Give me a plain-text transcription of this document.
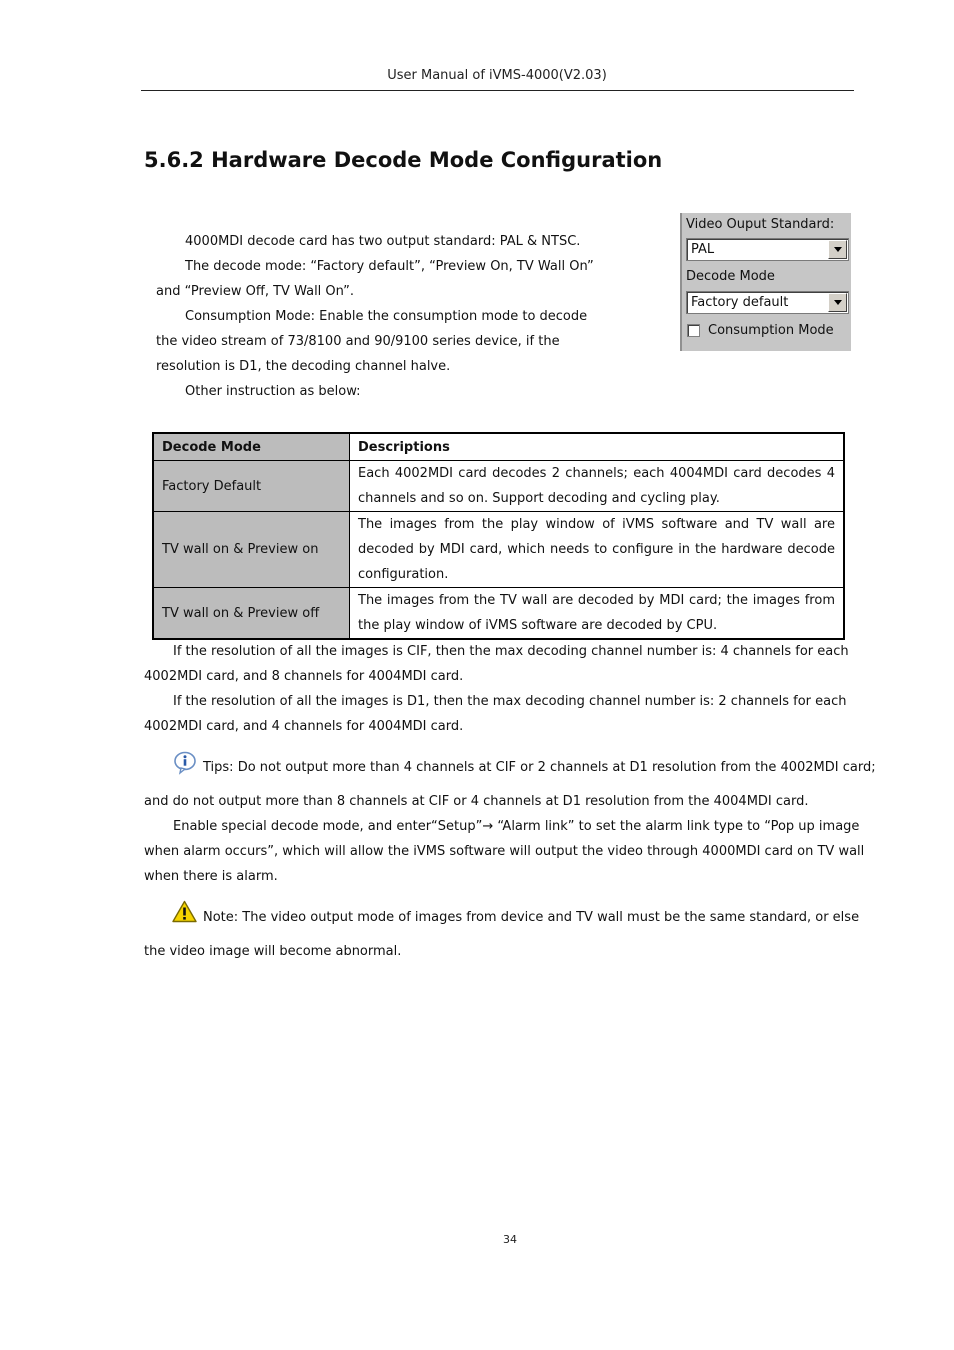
User Manual of iVMS-4000(V2.03)
5.6.2 Hardware Decode Mode Configuration
4000MDI decode card has two output standard: PAL & NTSC.
The decode mode: “Factory default”, “Preview On, TV Wall On”
and “Preview Off, TV Wall On”.
Consumption Mode: Enable the consumption mode to decode
the video stream of 73/8100 and 90/9100 series device, if the
resolution is D1, the decoding channel halve.
Other instruction as below:
Video Ouput Standard:
PAL
Decode Mode
Factory default
Consumption Mode
Decode Mode	Descriptions
Factory Default	Each 4002MDI card decodes 2 channels; each 4004MDI card decodes 4 channels and so on. Support decoding and cycling play.
TV wall on & Preview on	The images from the play window of iVMS software and TV wall are decoded by MDI card, which needs to configure in the hardware decode configuration.
TV wall on & Preview off	The images from the TV wall are decoded by MDI card; the images from the play window of iVMS software are decoded by CPU.
If the resolution of all the images is CIF, then the max decoding channel number is: 4 channels for each
4002MDI card, and 8 channels for 4004MDI card.
If the resolution of all the images is D1, then the max decoding channel number is: 2 channels for each
4002MDI card, and 4 channels for 4004MDI card.
Tips: Do not output more than 4 channels at CIF or 2 channels at D1 resolution from the 4002MDI card;
and do not output more than 8 channels at CIF or 4 channels at D1 resolution from the 4004MDI card.
Enable special decode mode, and enter“Setup”→ “Alarm link” to set the alarm link type to “Pop up image
when alarm occurs”, which will allow the iVMS software will output the video through 4000MDI card on TV wall
when there is alarm.
Note: The video output mode of images from device and TV wall must be the same standard, or else
the video image will become abnormal.
34
